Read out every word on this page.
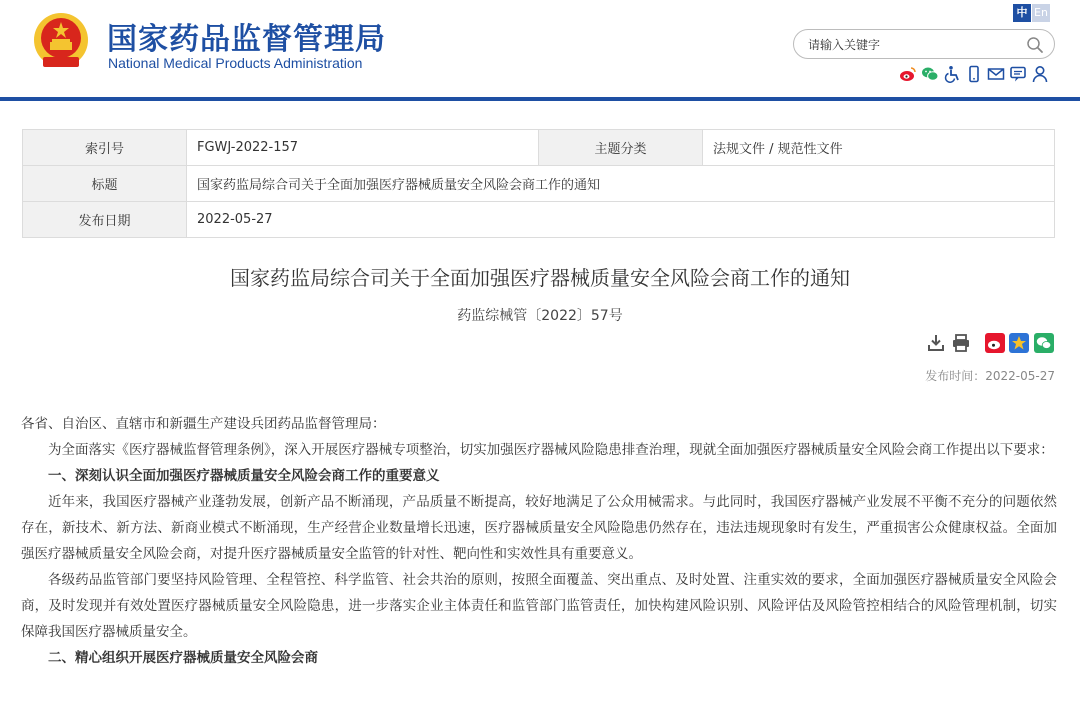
国家药品监督管理局
National Medical Products Administration
中 En
请输入关键字
索引号	FGWJ-2022-157	主题分类	法规文件 / 规范性文件
标题	国家药监局综合司关于全面加强医疗器械质量安全风险会商工作的通知		
发布日期	2022-05-27		
国家药监局综合司关于全面加强医疗器械质量安全风险会商工作的通知
药监综械管〔2022〕57号
发布时间：2022-05-27

各省、自治区、直辖市和新疆生产建设兵团药品监督管理局：

为全面落实《医疗器械监督管理条例》，深入开展医疗器械专项整治，切实加强医疗器械风险隐患排查治理，现就全面加强医疗器械质量安全风险会商工作提出以下要求：

一、深刻认识全面加强医疗器械质量安全风险会商工作的重要意义

近年来，我国医疗器械产业蓬勃发展，创新产品不断涌现，产品质量不断提高，较好地满足了公众用械需求。与此同时，我国医疗器械产业发展不平衡不充分的问题依然存在，新技术、新方法、新商业模式不断涌现，生产经营企业数量增长迅速，医疗器械质量安全风险隐患仍然存在，违法违规现象时有发生，严重损害公众健康权益。全面加强医疗器械质量安全风险会商，对提升医疗器械质量安全监管的针对性、靶向性和实效性具有重要意义。

各级药品监管部门要坚持风险管理、全程管控、科学监管、社会共治的原则，按照全面覆盖、突出重点、及时处置、注重实效的要求，全面加强医疗器械质量安全风险会商，及时发现并有效处置医疗器械质量安全风险隐患，进一步落实企业主体责任和监管部门监管责任，加快构建风险识别、风险评估及风险管控相结合的风险管理机制，切实保障我国医疗器械质量安全。

二、精心组织开展医疗器械质量安全风险会商
